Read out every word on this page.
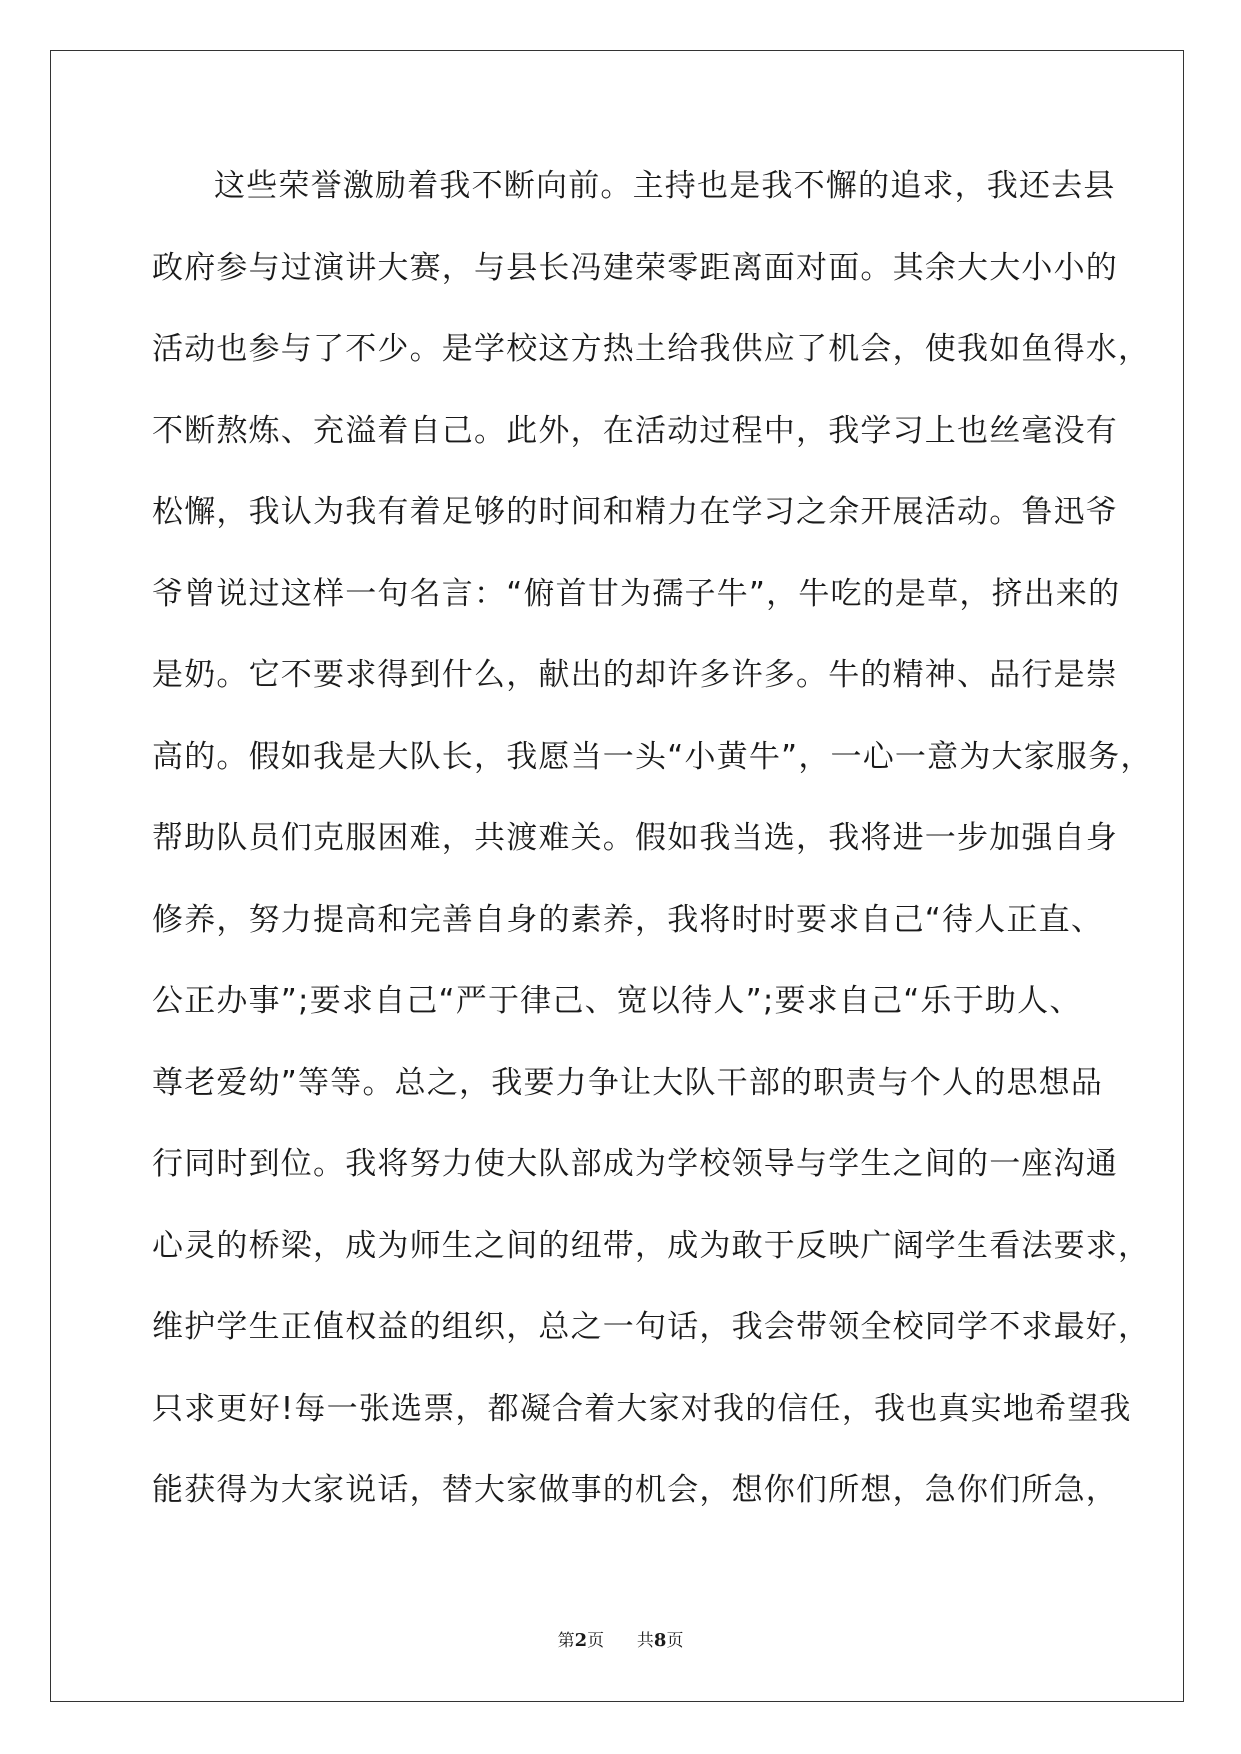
这些荣誉激励着我不断向前。主持也是我不懈的追求，我还去县
政府参与过演讲大赛，与县长冯建荣零距离面对面。其余大大小小的
活动也参与了不少。是学校这方热土给我供应了机会，使我如鱼得水，
不断熬炼、充溢着自己。此外，在活动过程中，我学习上也丝毫没有
松懈，我认为我有着足够的时间和精力在学习之余开展活动。鲁迅爷
爷曾说过这样一句名言：“俯首甘为孺子牛”，牛吃的是草，挤出来的
是奶。它不要求得到什么，献出的却许多许多。牛的精神、品行是崇
高的。假如我是大队长，我愿当一头“小黄牛”，一心一意为大家服务，
帮助队员们克服困难，共渡难关。假如我当选，我将进一步加强自身
修养，努力提高和完善自身的素养，我将时时要求自己“待人正直、
公正办事”;要求自己“严于律己、宽以待人”;要求自己“乐于助人、
尊老爱幼”等等。总之，我要力争让大队干部的职责与个人的思想品
行同时到位。我将努力使大队部成为学校领导与学生之间的一座沟通
心灵的桥梁，成为师生之间的纽带，成为敢于反映广阔学生看法要求，
维护学生正值权益的组织，总之一句话，我会带领全校同学不求最好，
只求更好!每一张选票，都凝合着大家对我的信任，我也真实地希望我
能获得为大家说话，替大家做事的机会，想你们所想，急你们所急，
第2页 共8页
